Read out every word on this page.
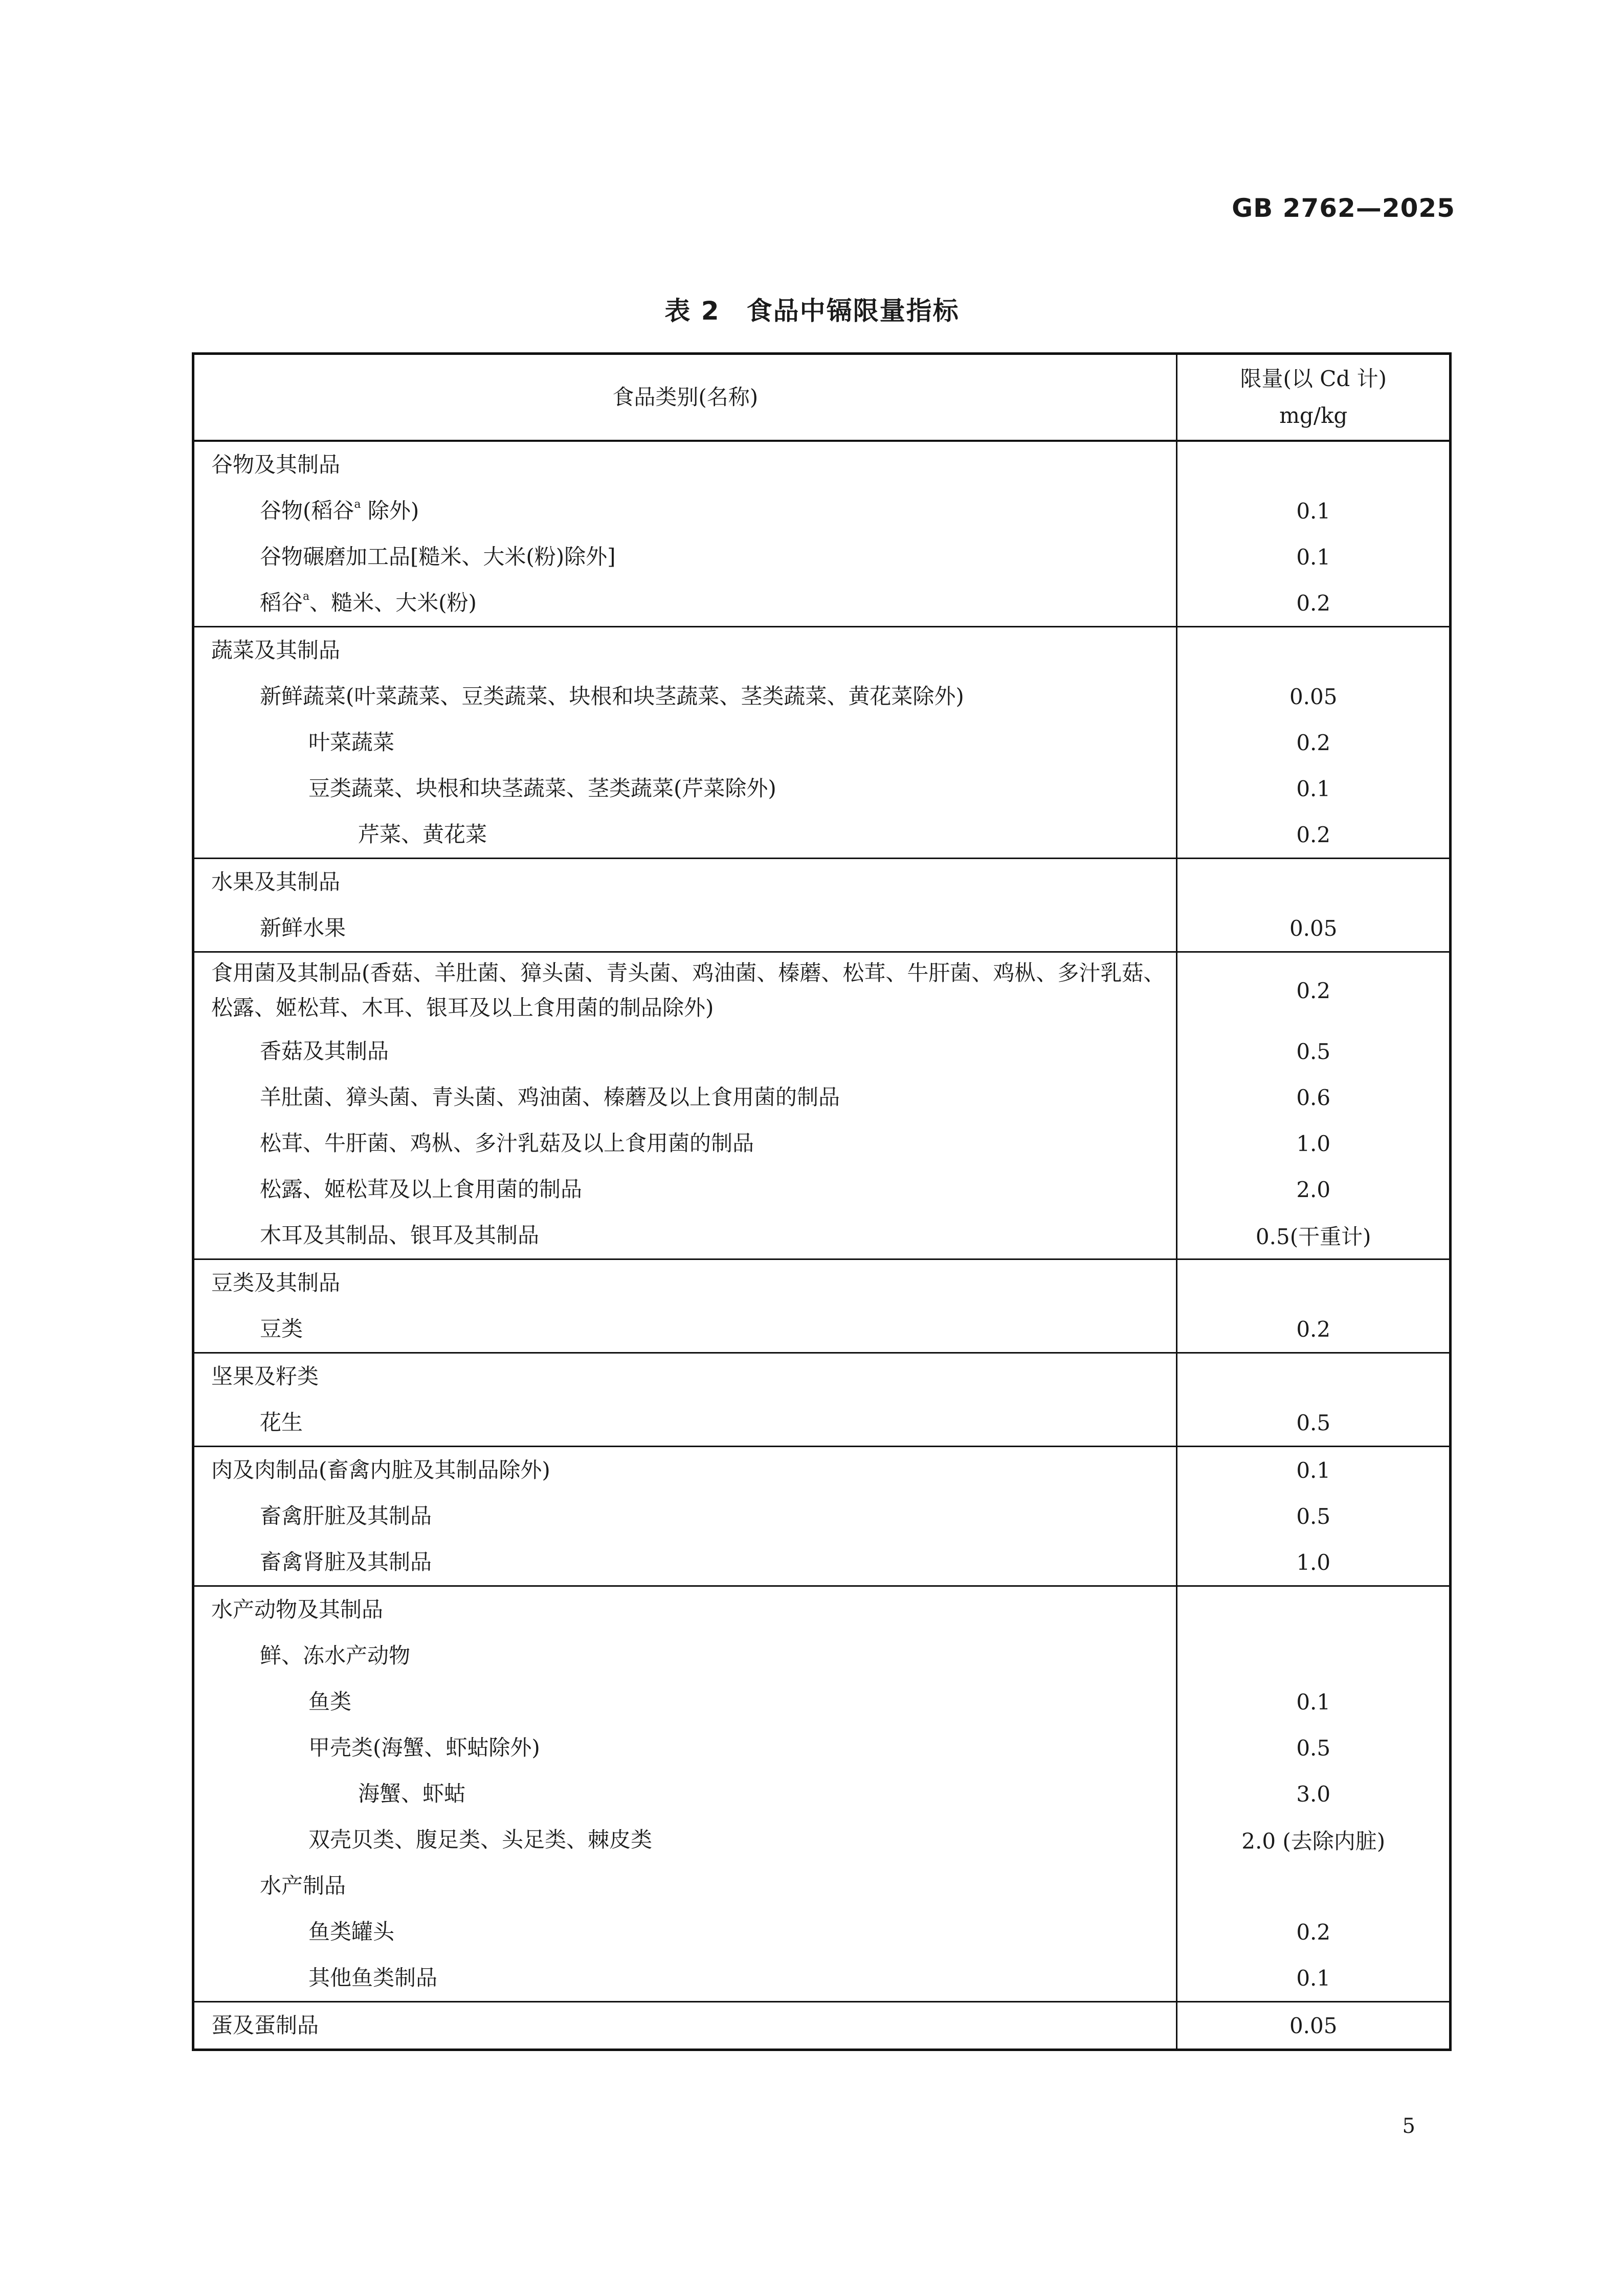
GB 2762—2025
表 2 食品中镉限量指标
食品类别(名称)	限量(以 Cd 计)
mg/kg

谷物及其制品	
谷物(稻谷$^a$ 除外)	0.1
谷物碾磨加工品[糙米、大米(粉)除外]	0.1
稻谷$^a$、糙米、大米(粉)	0.2
蔬菜及其制品	
新鲜蔬菜(叶菜蔬菜、豆类蔬菜、块根和块茎蔬菜、茎类蔬菜、黄花菜除外)	0.05
叶菜蔬菜	0.2
豆类蔬菜、块根和块茎蔬菜、茎类蔬菜(芹菜除外)	0.1
芹菜、黄花菜	0.2
水果及其制品	
新鲜水果	0.05
食用菌及其制品(香菇、羊肚菌、獐头菌、青头菌、鸡油菌、榛蘑、松茸、牛肝菌、鸡枞、多汁乳菇、松露、姬松茸、木耳、银耳及以上食用菌的制品除外)	0.2
香菇及其制品	0.5
羊肚菌、獐头菌、青头菌、鸡油菌、榛蘑及以上食用菌的制品	0.6
松茸、牛肝菌、鸡枞、多汁乳菇及以上食用菌的制品	1.0
松露、姬松茸及以上食用菌的制品	2.0
木耳及其制品、银耳及其制品	0.5(干重计)
豆类及其制品	
豆类	0.2
坚果及籽类	
花生	0.5
肉及肉制品(畜禽内脏及其制品除外)	0.1
畜禽肝脏及其制品	0.5
畜禽肾脏及其制品	1.0
水产动物及其制品	
鲜、冻水产动物	
鱼类	0.1
甲壳类(海蟹、虾蛄除外)	0.5
海蟹、虾蛄	3.0
双壳贝类、腹足类、头足类、棘皮类	2.0 (去除内脏)
水产制品	
鱼类罐头	0.2
其他鱼类制品	0.1
蛋及蛋制品	0.05
5
